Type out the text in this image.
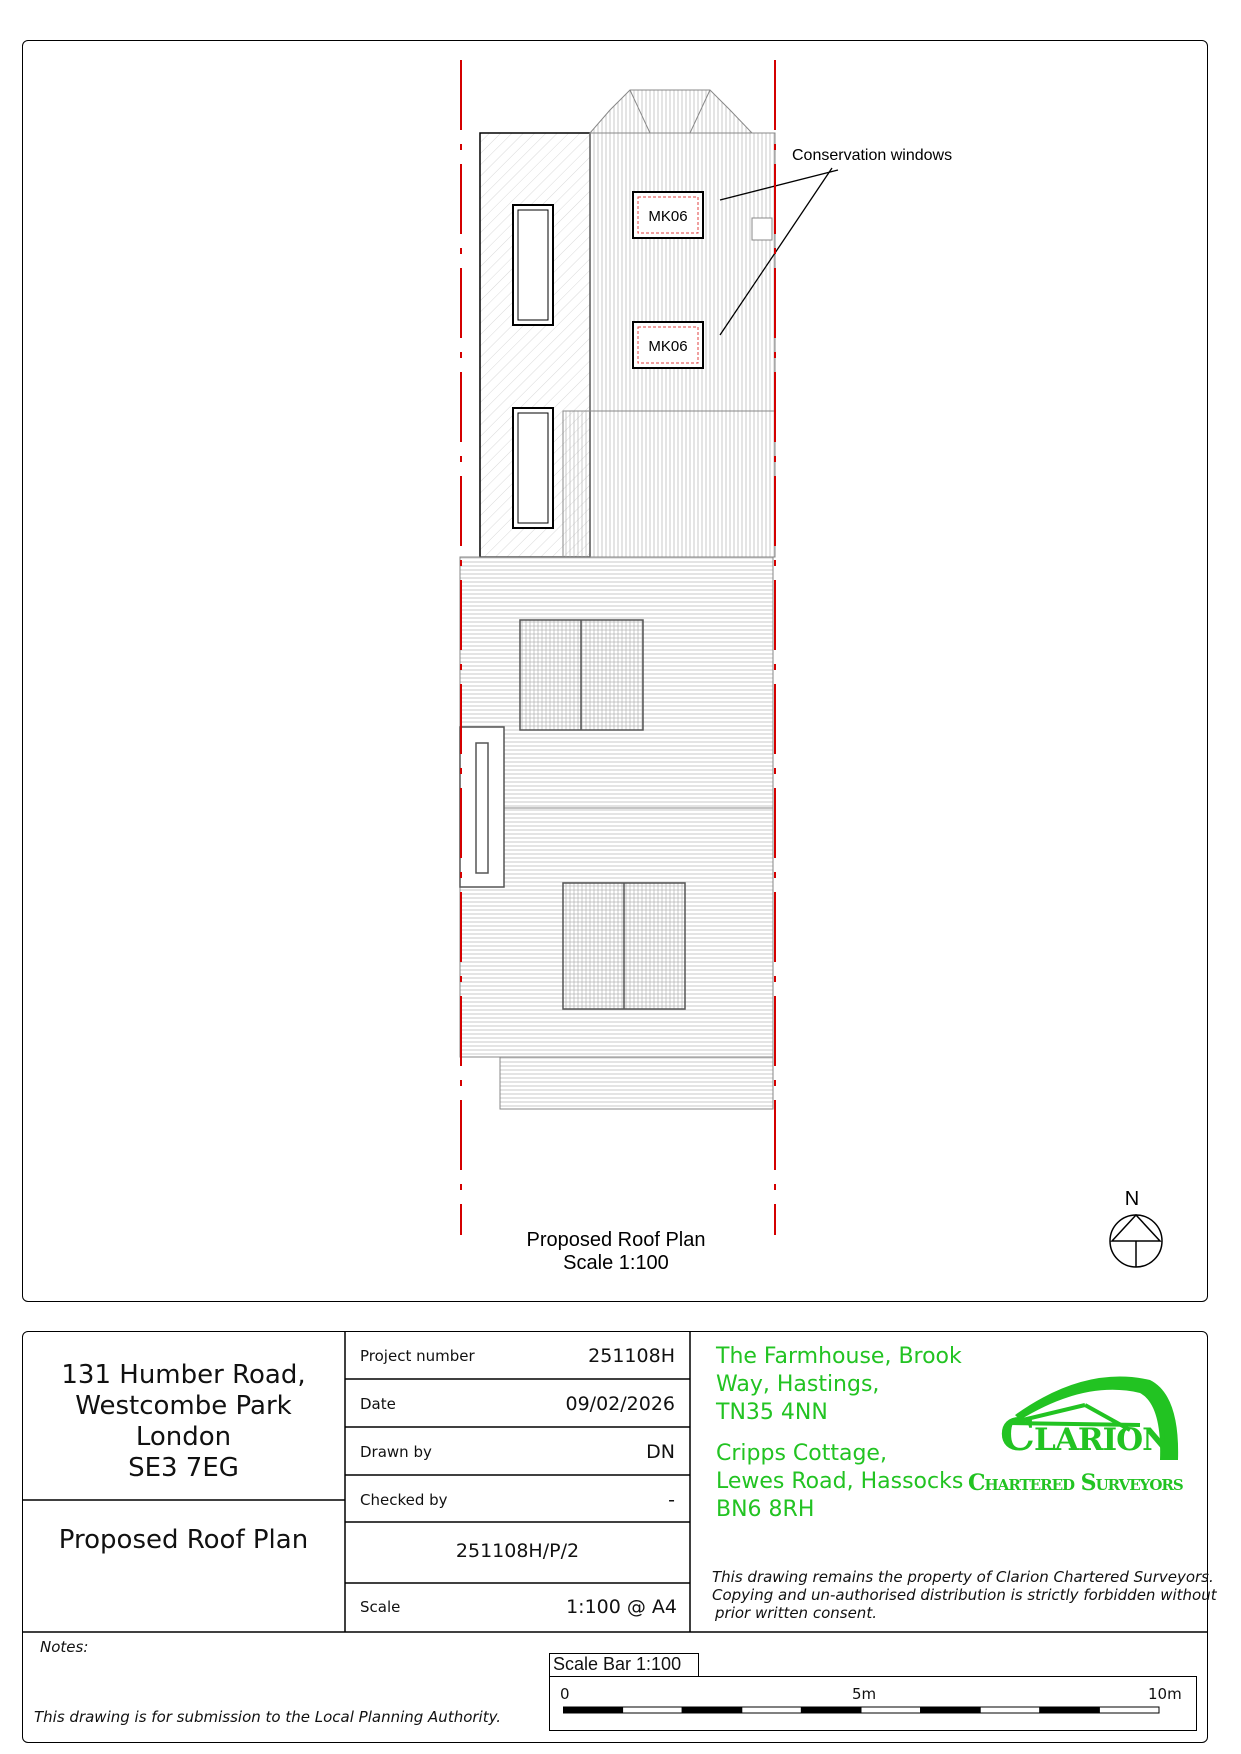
MK06
MK06
Conservation windows
Proposed Roof Plan
Scale 1:100
N
131 Humber Road,
Westcombe Park
London
SE3 7EG
Proposed Roof Plan
Project number	251108H
Date	09/02/2026
Drawn by	DN
Checked by	-
251108H/P/2
Scale	1:100 @ A4
The Farmhouse, Brook
Way, Hastings,
TN35 4NN
Cripps Cottage,
Lewes Road, Hassocks
BN6 8RH
Clarion
Chartered Surveyors
This drawing remains the property of Clarion Chartered Surveyors.
Copying and un-authorised distribution is strictly forbidden without
prior written consent.
Notes:
This drawing is for submission to the Local Planning Authority.
Scale Bar 1:100
0	5m	10m
